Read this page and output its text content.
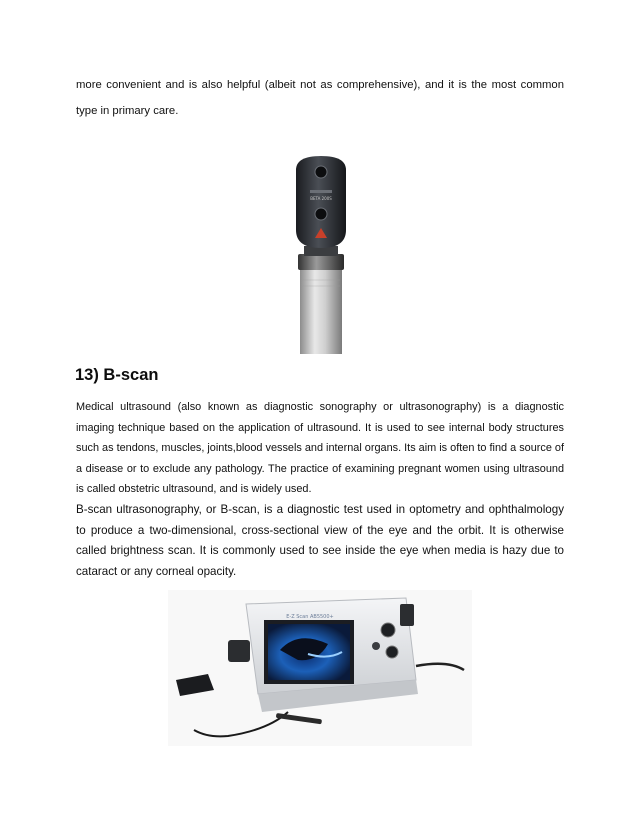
more convenient and is also helpful (albeit not as comprehensive), and it is the most common type in primary care.

BETA 200S
13) B-scan

Medical ultrasound (also known as diagnostic sonography or ultrasonography) is a diagnostic imaging technique based on the application of ultrasound. It is used to see internal body structures such as tendons, muscles, joints,blood vessels and internal organs. Its aim is often to find a source of a disease or to exclude any pathology. The practice of examining pregnant women using ultrasound is called obstetric ultrasound, and is widely used.

B-scan ultrasonography, or B-scan, is a diagnostic test used in optometry and ophthalmology to produce a two-dimensional, cross-sectional view of the eye and the orbit. It is otherwise called brightness scan. It is commonly used to see inside the eye when media is hazy due to cataract or any corneal opacity.

E-Z Scan AB5500+
